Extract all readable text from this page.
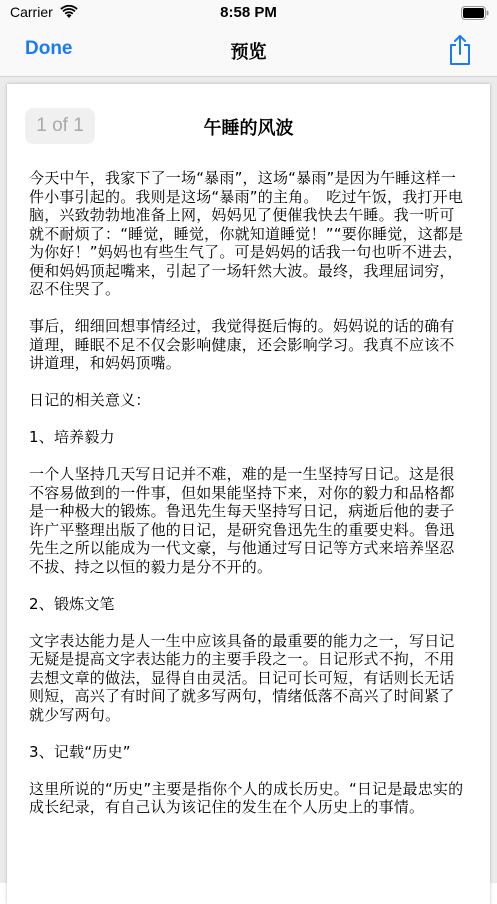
Carrier	8:58 PM
Done	预览
1 of 1	午睡的风波

今天中午，我家下了一场“暴雨”，这场“暴雨”是因为午睡这样一件小事引起的。我则是这场“暴雨”的主角。　吃过午饭，我打开电脑，兴致勃勃地准备上网，妈妈见了便催我快去午睡。我一听可就不耐烦了：“睡觉，睡觉，你就知道睡觉！”“要你睡觉，这都是为你好！”妈妈也有些生气了。可是妈妈的话我一句也听不进去，便和妈妈顶起嘴来，引起了一场轩然大波。最终，我理屈词穷，忍不住哭了。

事后，细细回想事情经过，我觉得挺后悔的。妈妈说的话的确有道理，睡眠不足不仅会影响健康，还会影响学习。我真不应该不讲道理，和妈妈顶嘴。

日记的相关意义：

1、培养毅力

一个人坚持几天写日记并不难，难的是一生坚持写日记。这是很不容易做到的一件事，但如果能坚持下来，对你的毅力和品格都是一种极大的锻炼。鲁迅先生每天坚持写日记，病逝后他的妻子许广平整理出版了他的日记，是研究鲁迅先生的重要史料。鲁迅先生之所以能成为一代文豪，与他通过写日记等方式来培养坚忍不拔、持之以恒的毅力是分不开的。

2、锻炼文笔

文字表达能力是人一生中应该具备的最重要的能力之一，写日记无疑是提高文字表达能力的主要手段之一。日记形式不拘，不用去想文章的做法，显得自由灵活。日记可长可短，有话则长无话则短，高兴了有时间了就多写两句，情绪低落不高兴了时间紧了就少写两句。

3、记载“历史”

这里所说的“历史”主要是指你个人的成长历史。“日记是最忠实的成长纪录，有自己认为该记住的发生在个人历史上的事情。
